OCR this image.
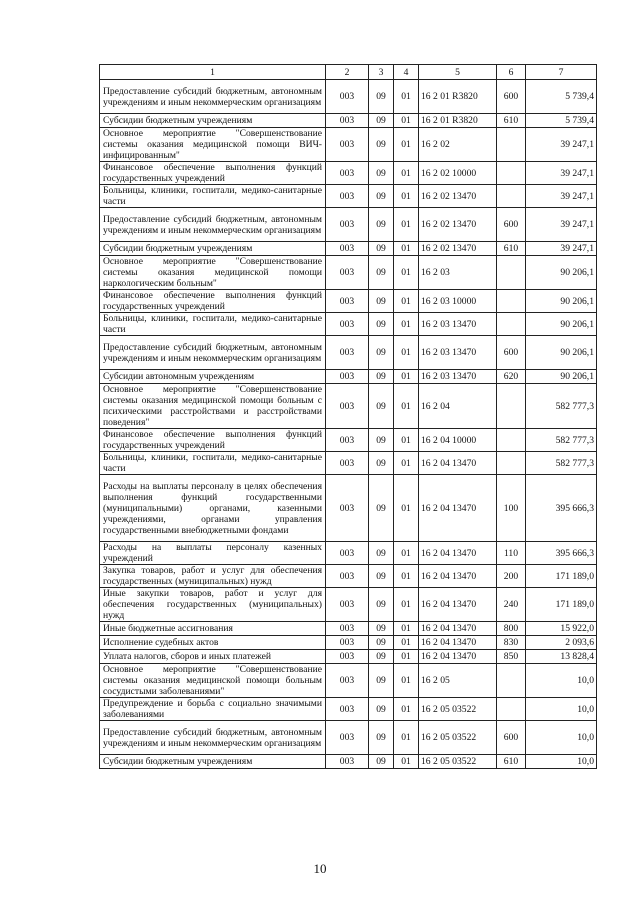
1	2	3	4	5	6	7
Предоставление субсидий бюджетным, автономным учреждениям и иным некоммерческим организациям	003	09	01	16 2 01 R3820	600	5 739,4
Субсидии бюджетным учреждениям	003	09	01	16 2 01 R3820	610	5 739,4
Основное мероприятие "Совершенствование системы оказания медицинской помощи ВИЧ-инфицированным"	003	09	01	16 2 02		39 247,1
Финансовое обеспечение выполнения функций государственных учреждений	003	09	01	16 2 02 10000		39 247,1
Больницы, клиники, госпитали, медико-санитарные части	003	09	01	16 2 02 13470		39 247,1
Предоставление субсидий бюджетным, автономным учреждениям и иным некоммерческим организациям	003	09	01	16 2 02 13470	600	39 247,1
Субсидии бюджетным учреждениям	003	09	01	16 2 02 13470	610	39 247,1
Основное мероприятие "Совершенствование системы оказания медицинской помощи наркологическим больным"	003	09	01	16 2 03		90 206,1
Финансовое обеспечение выполнения функций государственных учреждений	003	09	01	16 2 03 10000		90 206,1
Больницы, клиники, госпитали, медико-санитарные части	003	09	01	16 2 03 13470		90 206,1
Предоставление субсидий бюджетным, автономным учреждениям и иным некоммерческим организациям	003	09	01	16 2 03 13470	600	90 206,1
Субсидии автономным учреждениям	003	09	01	16 2 03 13470	620	90 206,1
Основное мероприятие "Совершенствование системы оказания медицинской помощи больным с психическими расстройствами и расстройствами поведения"	003	09	01	16 2 04		582 777,3
Финансовое обеспечение выполнения функций государственных учреждений	003	09	01	16 2 04 10000		582 777,3
Больницы, клиники, госпитали, медико-санитарные части	003	09	01	16 2 04 13470		582 777,3
Расходы на выплаты персоналу в целях обеспечения выполнения функций государственными (муниципальными) органами, казенными учреждениями, органами управления государственными внебюджетными фондами	003	09	01	16 2 04 13470	100	395 666,3
Расходы на выплаты персоналу казенных учреждений	003	09	01	16 2 04 13470	110	395 666,3
Закупка товаров, работ и услуг для обеспечения государственных (муниципальных) нужд	003	09	01	16 2 04 13470	200	171 189,0
Иные закупки товаров, работ и услуг для обеспечения государственных (муниципальных) нужд	003	09	01	16 2 04 13470	240	171 189,0
Иные бюджетные ассигнования	003	09	01	16 2 04 13470	800	15 922,0
Исполнение судебных актов	003	09	01	16 2 04 13470	830	2 093,6
Уплата налогов, сборов и иных платежей	003	09	01	16 2 04 13470	850	13 828,4
Основное мероприятие "Совершенствование системы оказания медицинской помощи больным сосудистыми заболеваниями"	003	09	01	16 2 05		10,0
Предупреждение и борьба с социально значимыми заболеваниями	003	09	01	16 2 05 03522		10,0
Предоставление субсидий бюджетным, автономным учреждениям и иным некоммерческим организациям	003	09	01	16 2 05 03522	600	10,0
Субсидии бюджетным учреждениям	003	09	01	16 2 05 03522	610	10,0
10
